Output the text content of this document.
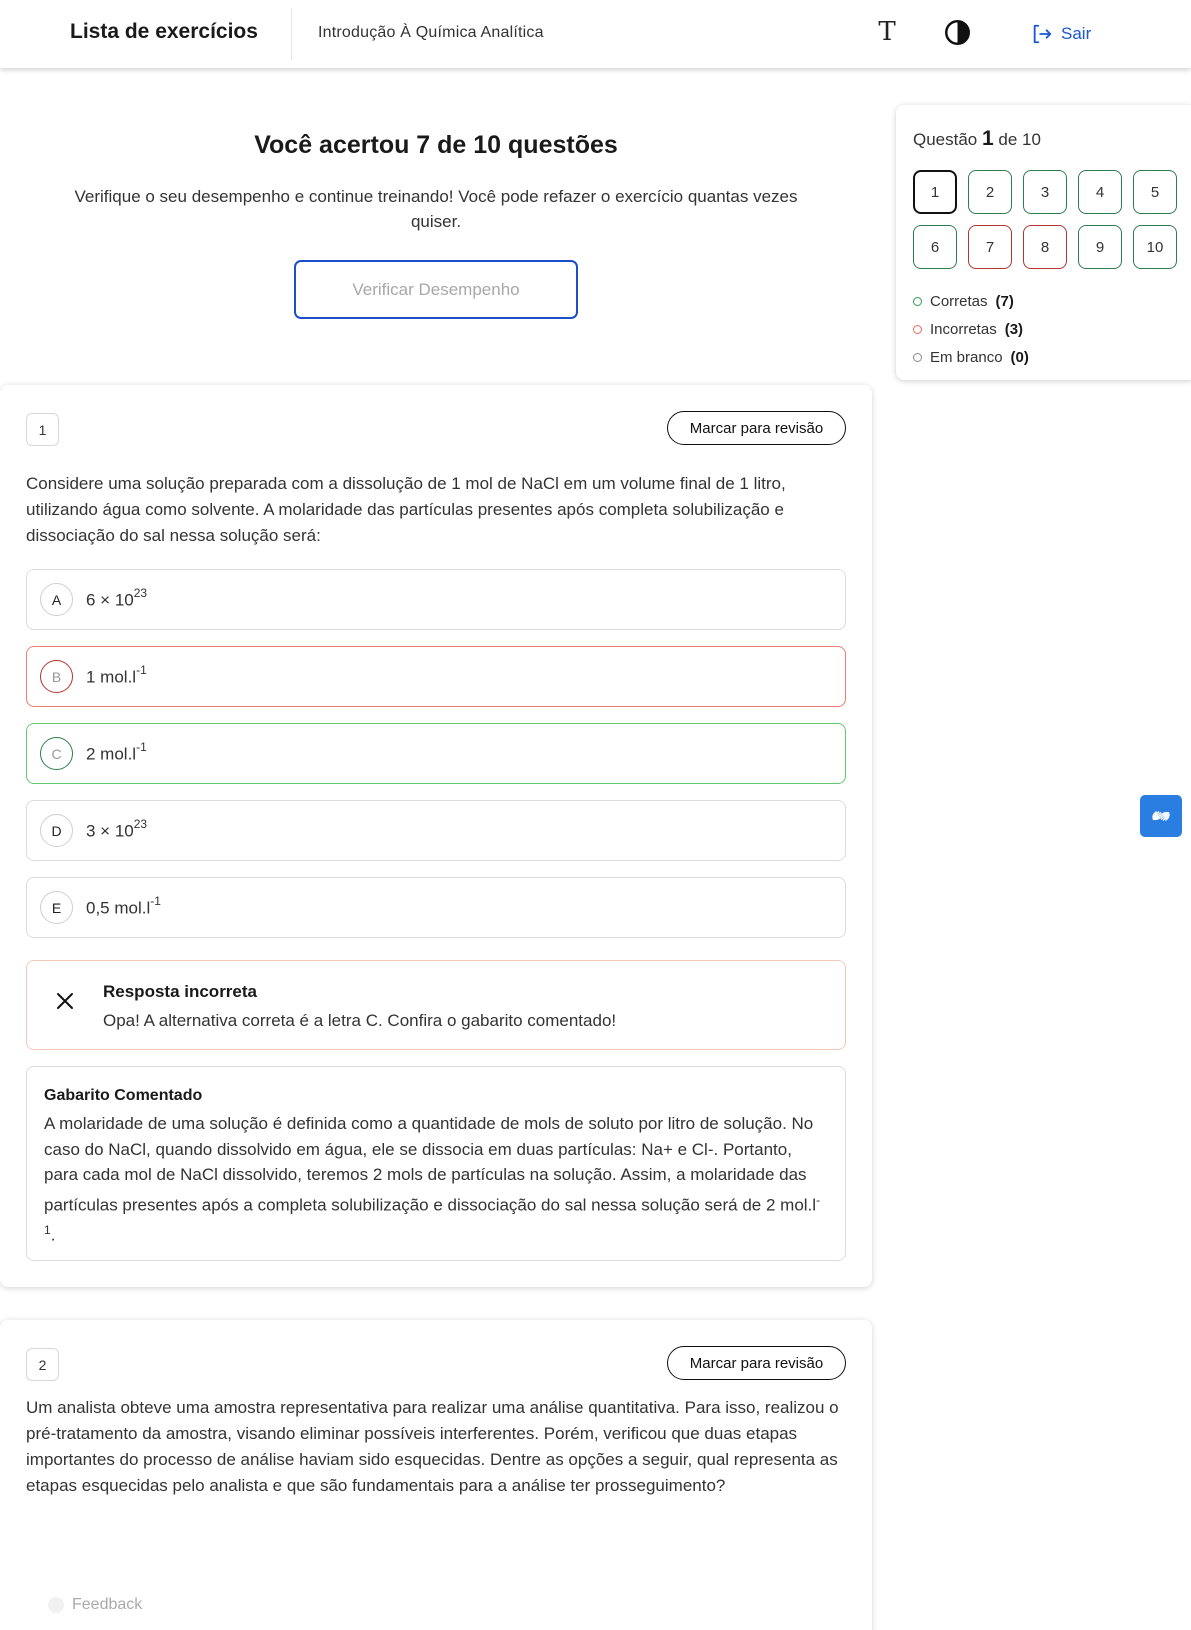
Lista de exercícios	Introdução À Química Analítica	T	Sair
Você acertou 7 de 10 questões
Verifique o seu desempenho e continue treinando! Você pode refazer o exercício quantas vezes quiser.
Verificar Desempenho
Questão 1 de 10
1	2	3	4	5
6	7	8	9	10
Corretas (7)
Incorretas (3)
Em branco (0)
1	Marcar para revisão
Considere uma solução preparada com a dissolução de 1 mol de NaCl em um volume final de 1 litro, utilizando água como solvente. A molaridade das partículas presentes após completa solubilização e dissociação do sal nessa solução será:
A	$6 \times 10^{23}$
B	1 $mol.l^{-1}$
C	2 $mol.l^{-1}$
D	$3 \times 10^{23}$
E	0,5 $mol.l^{-1}$
Resposta incorreta
Opa! A alternativa correta é a letra C. Confira o gabarito comentado!
Gabarito Comentado
A molaridade de uma solução é definida como a quantidade de mols de soluto por litro de solução. No caso do NaCl, quando dissolvido em água, ele se dissocia em duas partículas: Na+ e Cl-. Portanto, para cada mol de NaCl dissolvido, teremos 2 mols de partículas na solução. Assim, a molaridade das partículas presentes após a completa solubilização e dissociação do sal nessa solução será de 2 $mol.l^{-1}$.
2	Marcar para revisão
Um analista obteve uma amostra representativa para realizar uma análise quantitativa. Para isso, realizou o pré-tratamento da amostra, visando eliminar possíveis interferentes. Porém, verificou que duas etapas importantes do processo de análise haviam sido esquecidas. Dentre as opções a seguir, qual representa as etapas esquecidas pelo analista e que são fundamentais para a análise ter prosseguimento?
Feedback
